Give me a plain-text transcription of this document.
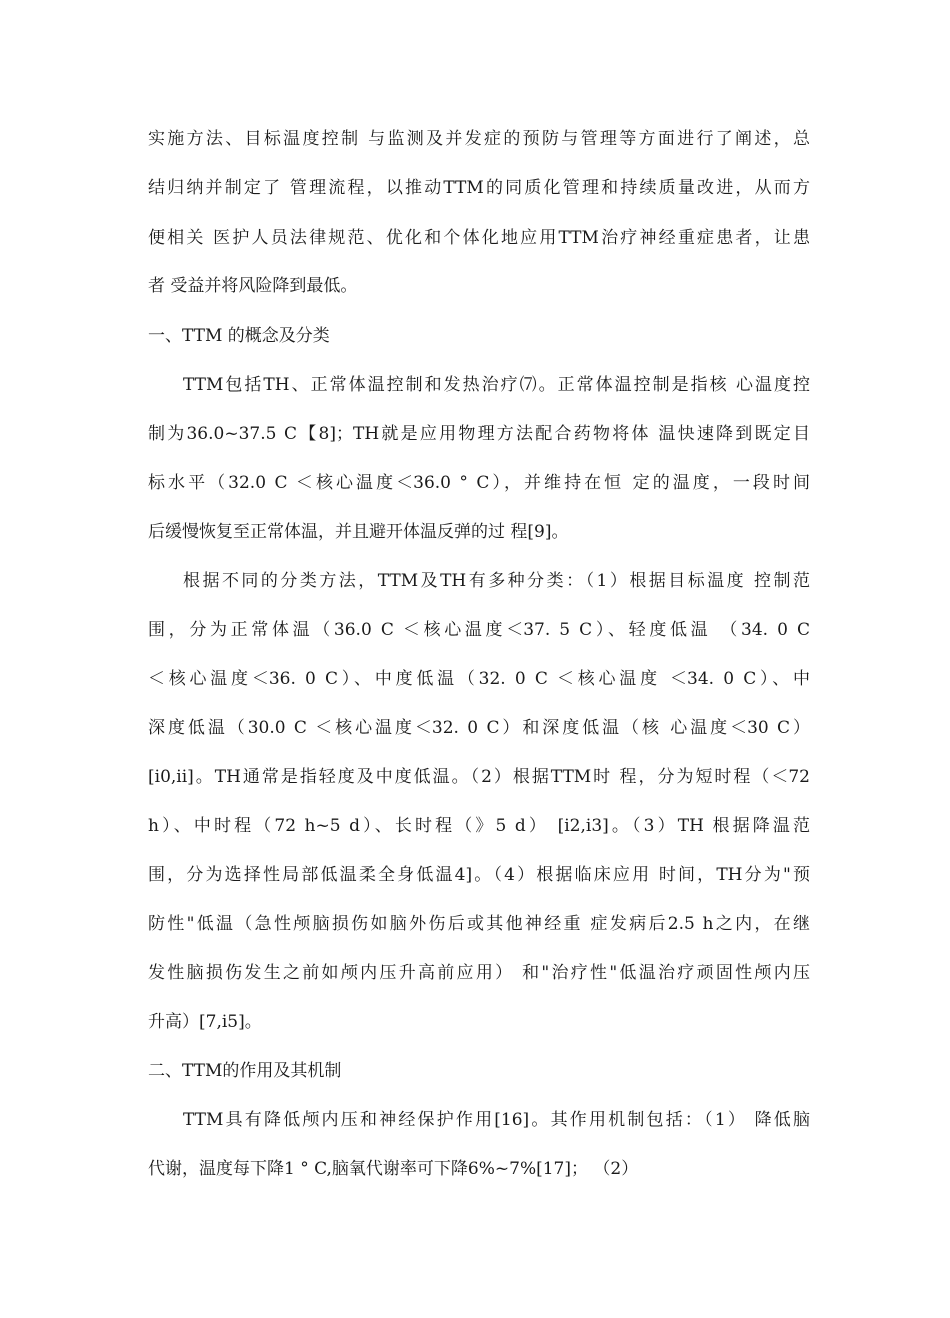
实施方法、目标温度控制 与监测及并发症的预防与管理等方面进行了阐述，总
结归纳并制定了 管理流程，以推动TTM的同质化管理和持续质量改进，从而方
便相关 医护人员法律规范、优化和个体化地应用TTM治疗神经重症患者，让患
者 受益并将风险降到最低。
一、TTM 的概念及分类
TTM包括TH、正常体温控制和发热治疗⑺。正常体温控制是指核 心温度控
制为36.0~37.5 C【8]；TH就是应用物理方法配合药物将体 温快速降到既定目
标水平（32.0 C ＜核心温度＜36.0 ° C），并维持在恒 定的温度，一段时间
后缓慢恢复至正常体温，并且避开体温反弹的过 程[9]。
根据不同的分类方法，TTM及TH有多种分类：（1）根据目标温度 控制范
围，分为正常体温（36.0 C ＜核心温度＜37. 5 C）、轻度低温 （34. 0 C
＜核心温度＜36. 0 C）、中度低温（32. 0 C ＜核心温度 ＜34. 0 C）、中
深度低温（30.0 C ＜核心温度＜32. 0 C）和深度低温（核 心温度＜30 C）
[i0,ii]。TH通常是指轻度及中度低温。（2）根据TTM时 程，分为短时程（＜72
h）、中时程（72 h~5 d）、长时程（》5 d） [i2,i3]。（3）TH 根据降温范
围，分为选择性局部低温柔全身低温4]。（4）根据临床应用 时间，TH分为"预
防性"低温（急性颅脑损伤如脑外伤后或其他神经重 症发病后2.5 h之内，在继
发性脑损伤发生之前如颅内压升高前应用） 和"治疗性"低温治疗顽固性颅内压
升高）[7,i5]。
二、TTM的作用及其机制
TTM具有降低颅内压和神经保护作用[16]。其作用机制包括：（1） 降低脑
代谢，温度每下降1 ° C,脑氧代谢率可下降6%~7%[17]； （2）
